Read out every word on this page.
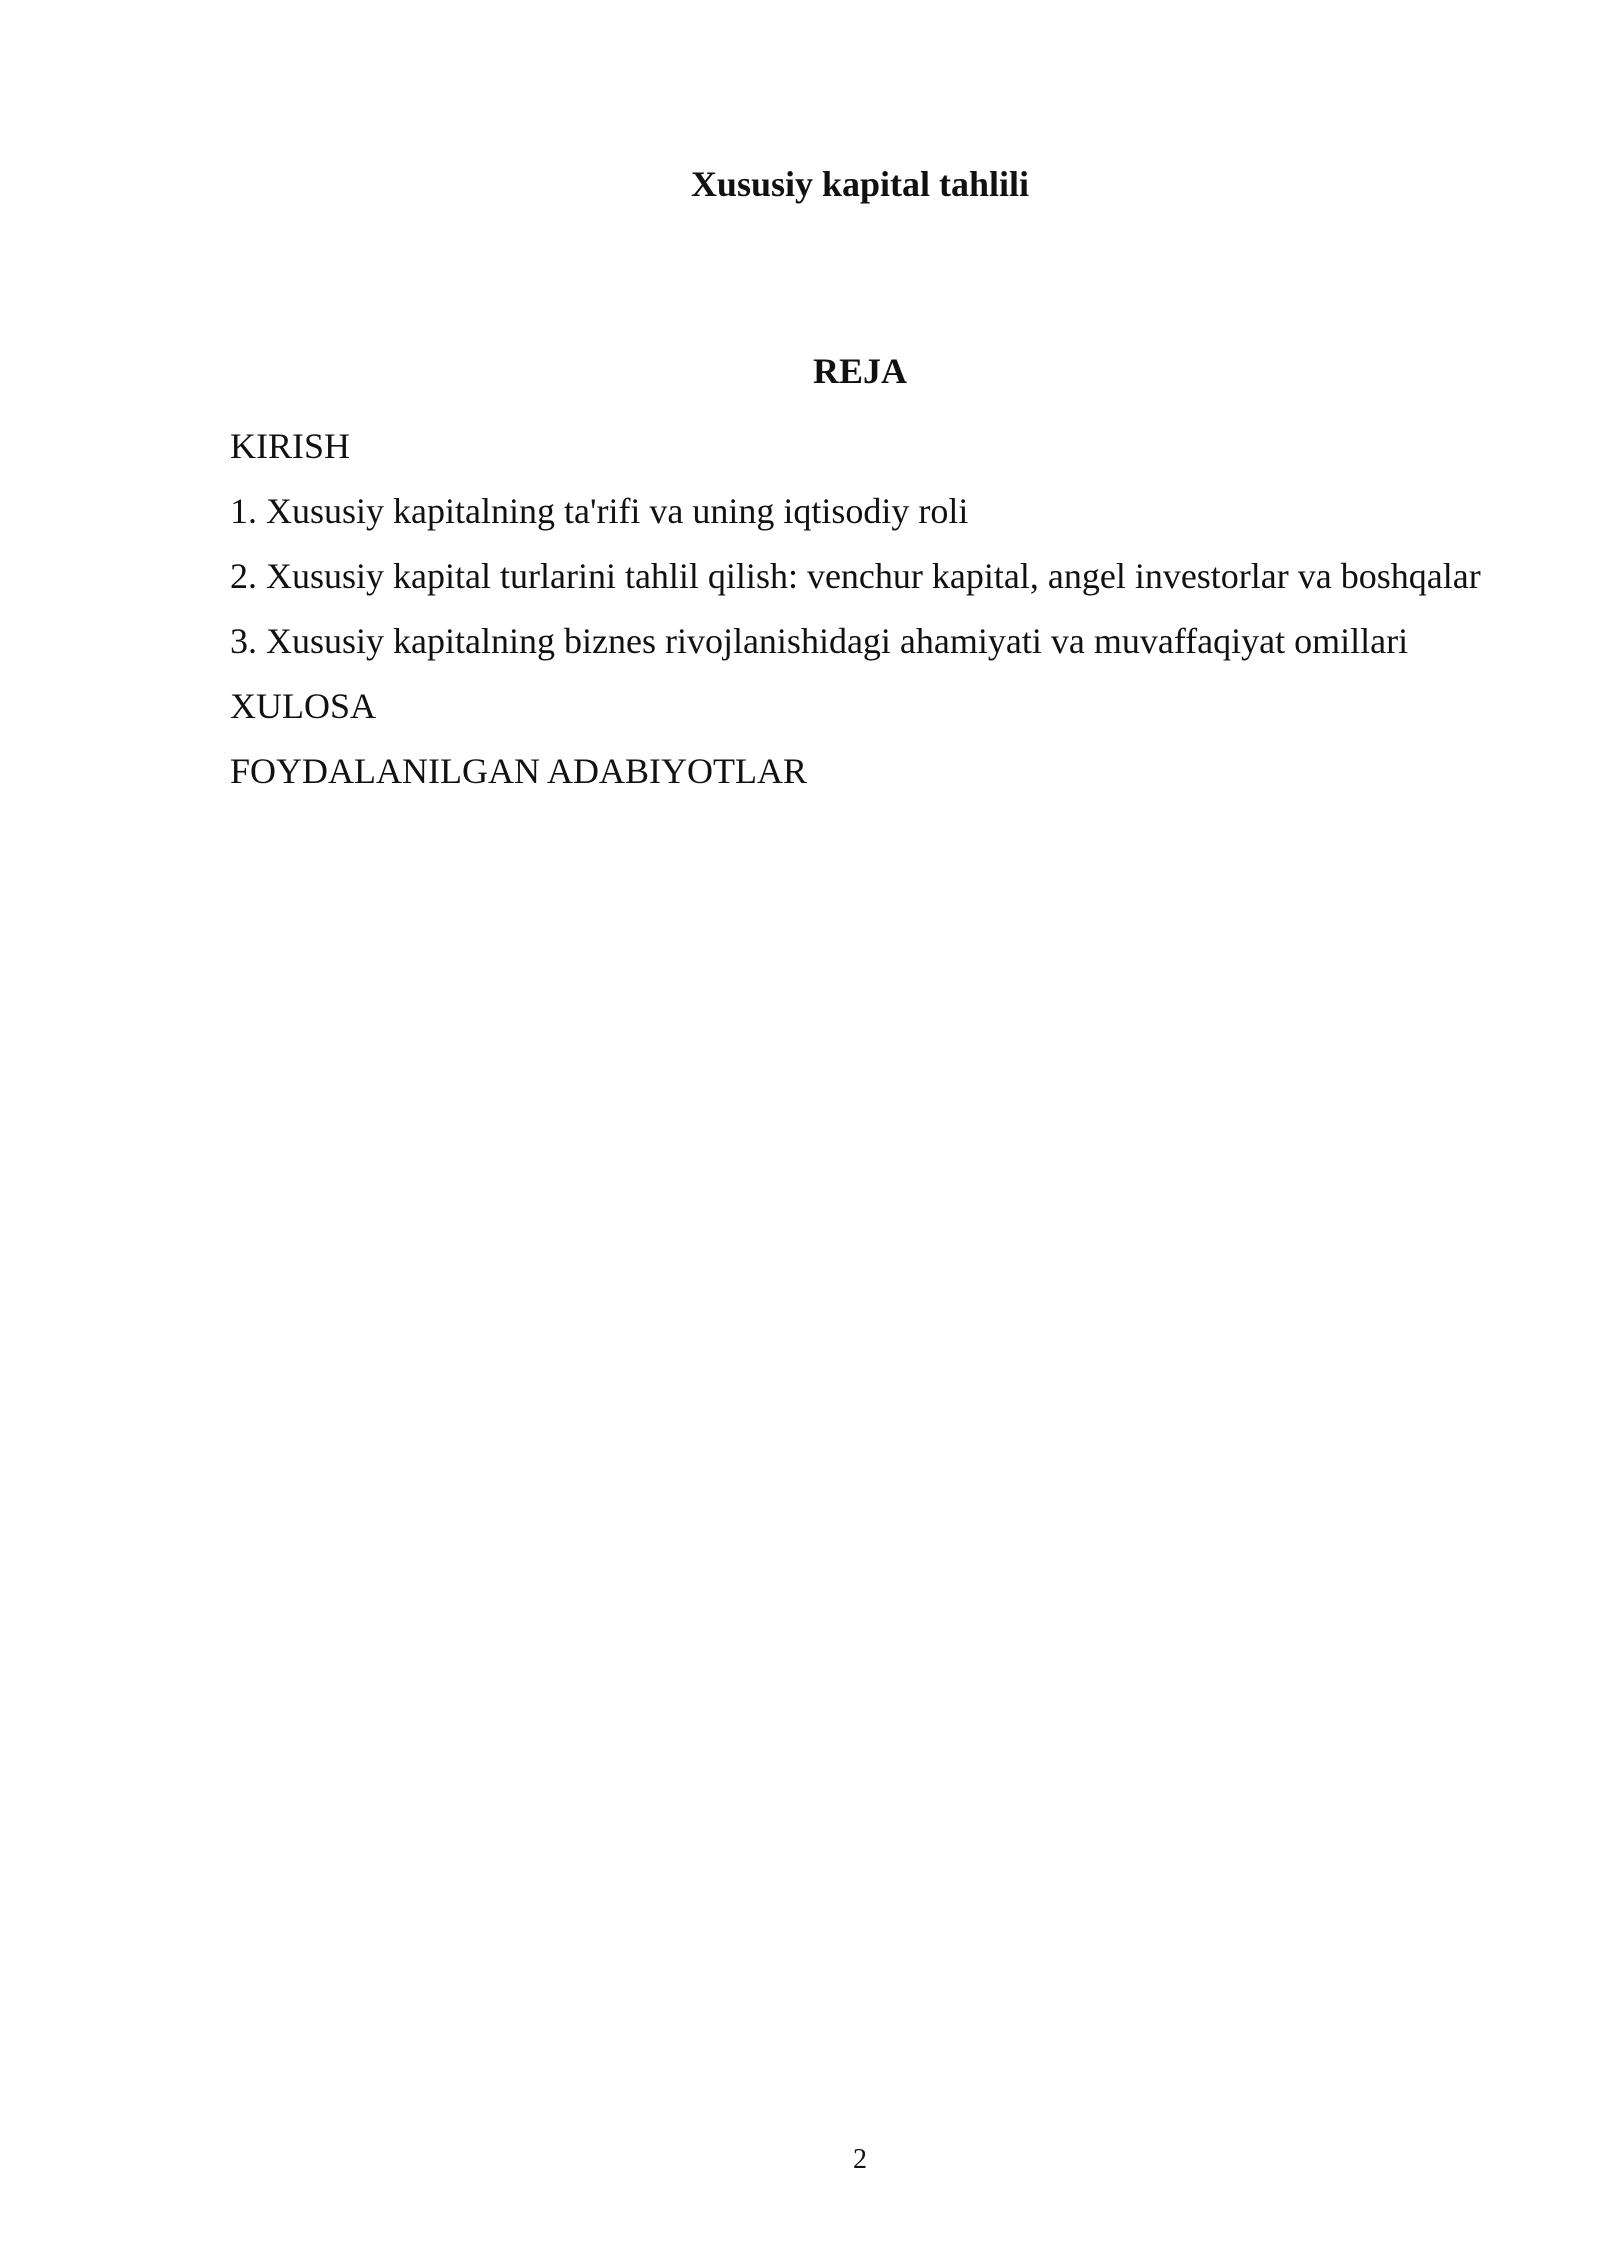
Xususiy kapital tahlili
REJA
KIRISH
1. Xususiy kapitalning ta'rifi va uning iqtisodiy roli
2. Xususiy kapital turlarini tahlil qilish: venchur kapital, angel investorlar va boshqalar
3. Xususiy kapitalning biznes rivojlanishidagi ahamiyati va muvaffaqiyat omillari
XULOSA
FOYDALANILGAN ADABIYOTLAR
2
